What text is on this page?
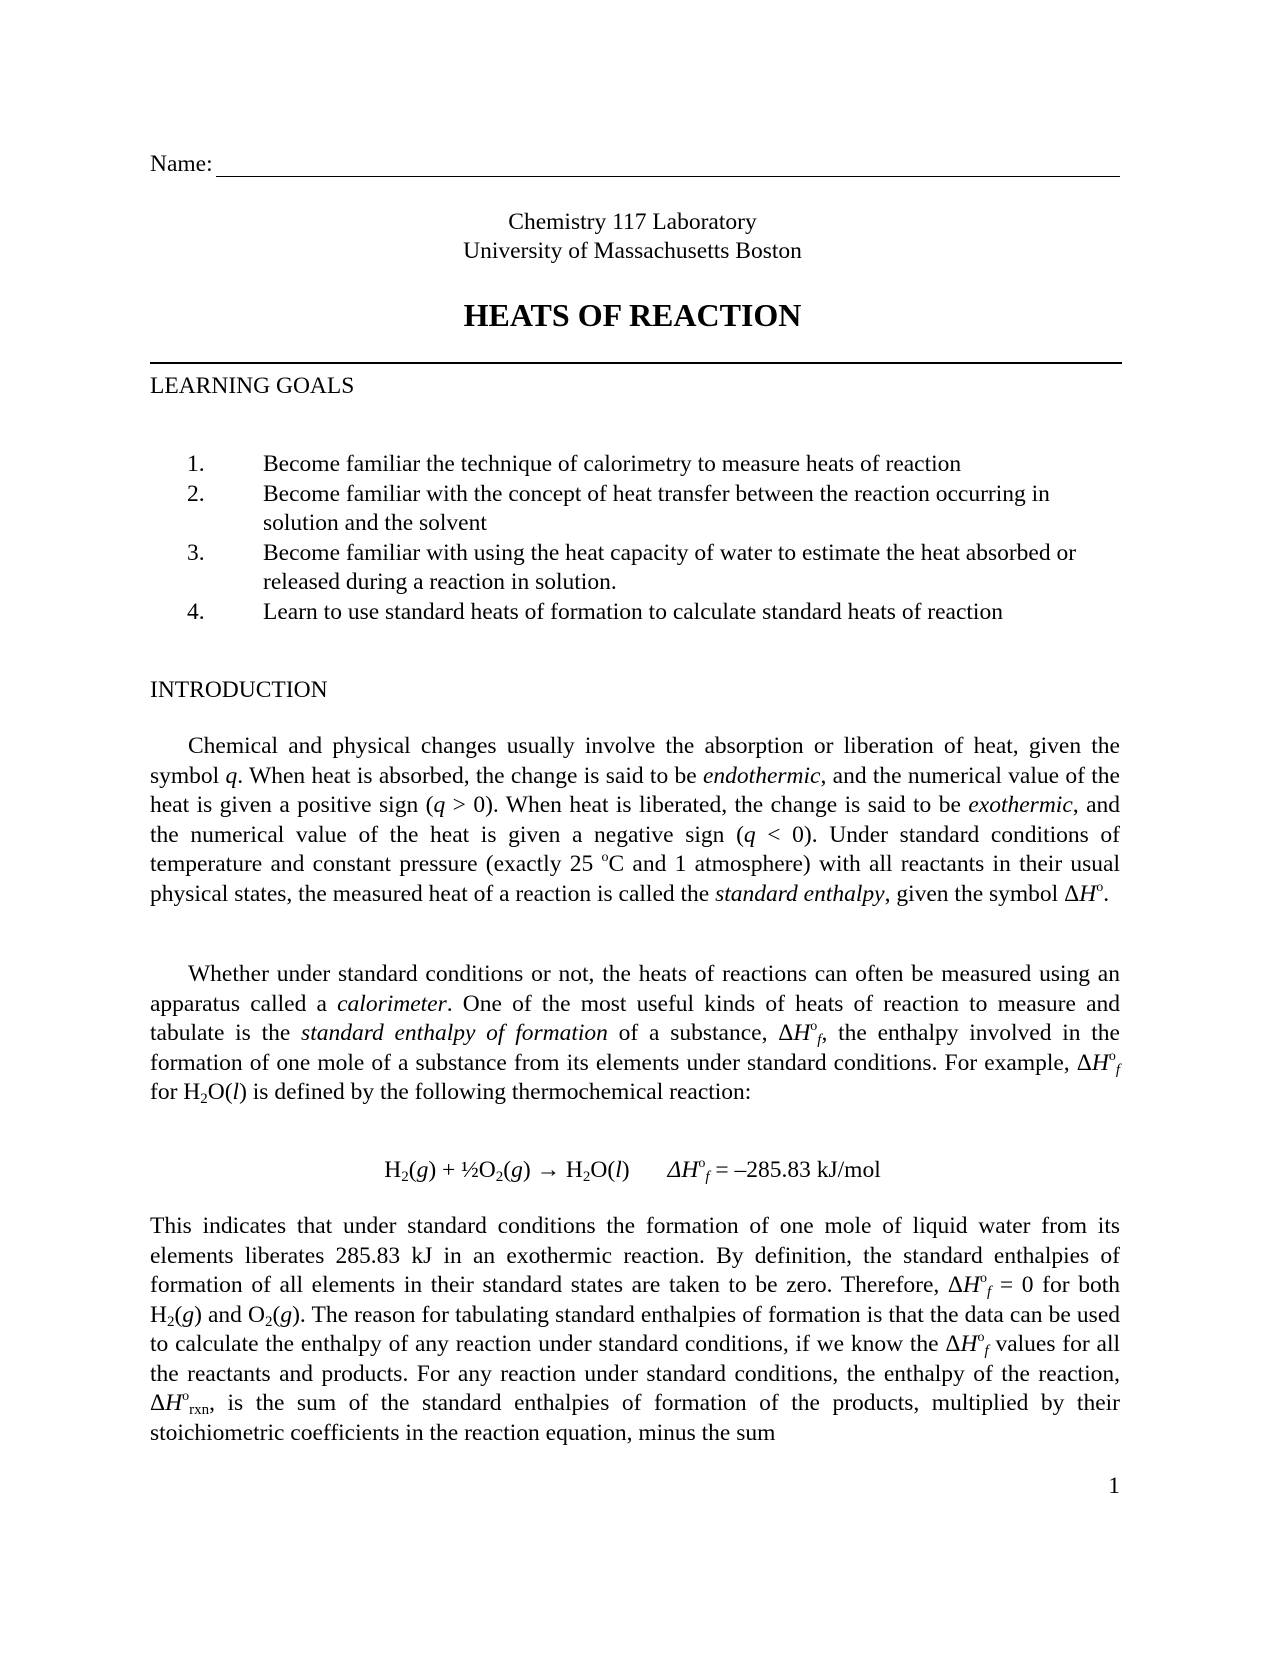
Name:
Chemistry 117 Laboratory
University of Massachusetts Boston
HEATS OF REACTION
LEARNING GOALS

1. Become familiar the technique of calorimetry to measure heats of reaction

2. Become familiar with the concept of heat transfer between the reaction occurring in solution and the solvent

3. Become familiar with using the heat capacity of water to estimate the heat absorbed or released during a reaction in solution.

4. Learn to use standard heats of formation to calculate standard heats of reaction

INTRODUCTION

Chemical and physical changes usually involve the absorption or liberation of heat, given the symbol q. When heat is absorbed, the change is said to be endothermic, and the numerical value of the heat is given a positive sign (q > 0). When heat is liberated, the change is said to be exothermic, and the numerical value of the heat is given a negative sign (q < 0). Under standard conditions of temperature and constant pressure (exactly 25 $^o$C and 1 atmosphere) with all reactants in their usual physical states, the measured heat of a reaction is called the standard enthalpy, given the symbol $\Delta H^o$.

Whether under standard conditions or not, the heats of reactions can often be measured using an apparatus called a calorimeter. One of the most useful kinds of heats of reaction to measure and tabulate is the standard enthalpy of formation of a substance, $\Delta H^o_f$, the enthalpy involved in the formation of one mole of a substance from its elements under standard conditions. For example, $\Delta H^o_f$ for $H_2O(l)$ is defined by the following thermochemical reaction:

$H_2(g)$ + $\frac{1}{2}O_2(g) \to H_2O(l) \Delta H^o_f = -285.83$ kJ/mol

This indicates that under standard conditions the formation of one mole of liquid water from its elements liberates 285.83 kJ in an exothermic reaction. By definition, the standard enthalpies of formation of all elements in their standard states are taken to be zero. Therefore, $\Delta H^o_f = 0$ for both $H_2(g)$ and $O_2(g)$. The reason for tabulating standard enthalpies of formation is that the data can be used to calculate the enthalpy of any reaction under standard conditions, if we know the $\Delta H^o_f$ values for all the reactants and products. For any reaction under standard conditions, the enthalpy of the reaction, $\Delta H^o_{rxn}$, is the sum of the standard enthalpies of formation of the products, multiplied by their stoichiometric coefficients in the reaction equation, minus the sum

1
